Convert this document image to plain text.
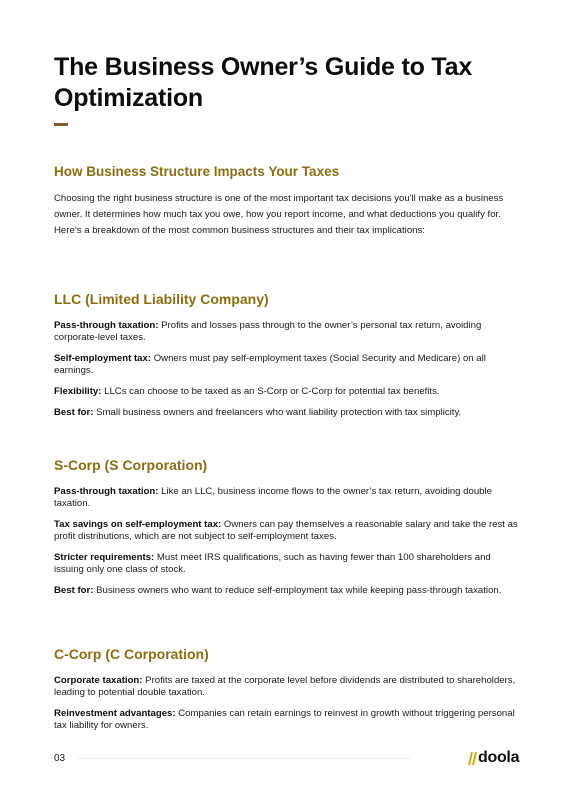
The Business Owner’s Guide to Tax
Optimization
How Business Structure Impacts Your Taxes

Choosing the right business structure is one of the most important tax decisions you'll make as a business owner. It determines how much tax you owe, how you report income, and what deductions you qualify for. Here’s a breakdown of the most common business structures and their tax implications:

LLC (Limited Liability Company)

Pass-through taxation: Profits and losses pass through to the owner’s personal tax return, avoiding corporate-level taxes.

Self-employment tax: Owners must pay self-employment taxes (Social Security and Medicare) on all earnings.

Flexibility: LLCs can choose to be taxed as an S-Corp or C-Corp for potential tax benefits.

Best for: Small business owners and freelancers who want liability protection with tax simplicity.

S-Corp (S Corporation)

Pass-through taxation: Like an LLC, business income flows to the owner’s tax return, avoiding double taxation.

Tax savings on self-employment tax: Owners can pay themselves a reasonable salary and take the rest as profit distributions, which are not subject to self-employment taxes.

Stricter requirements: Must meet IRS qualifications, such as having fewer than 100 shareholders and issuing only one class of stock.

Best for: Business owners who want to reduce self-employment tax while keeping pass-through taxation.

C-Corp (C Corporation)

Corporate taxation: Profits are taxed at the corporate level before dividends are distributed to shareholders, leading to potential double taxation.

Reinvestment advantages: Companies can retain earnings to reinvest in growth without triggering personal tax liability for owners.

03	doola
